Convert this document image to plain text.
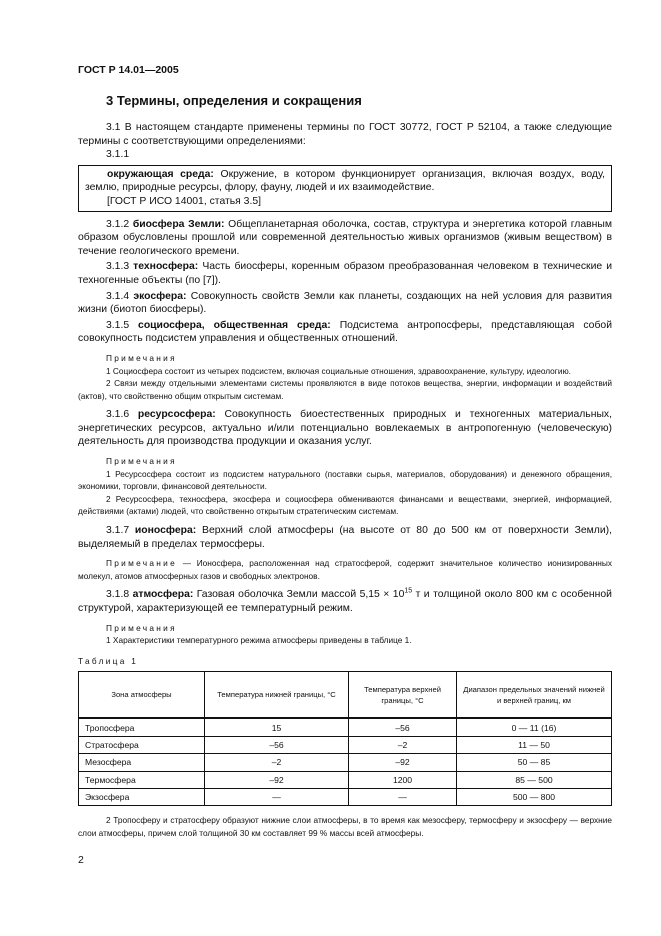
ГОСТ Р 14.01—2005
3 Термины, определения и сокращения

3.1 В настоящем стандарте применены термины по ГОСТ 30772, ГОСТ Р 52104, а также следующие термины с соответствующими определениями:

3.1.1

окружающая среда: Окружение, в котором функционирует организация, включая воздух, воду, землю, природные ресурсы, флору, фауну, людей и их взаимодействие.

[ГОСТ Р ИСО 14001, статья 3.5]

3.1.2 биосфера Земли: Общепланетарная оболочка, состав, структура и энергетика которой главным образом обусловлены прошлой или современной деятельностью живых организмов (живым веществом) в течение геологического времени.

3.1.3 техносфера: Часть биосферы, коренным образом преобразованная человеком в технические и техногенные объекты (по [7]).

3.1.4 экосфера: Совокупность свойств Земли как планеты, создающих на ней условия для развития жизни (биотоп биосферы).

3.1.5 социосфера, общественная среда: Подсистема антропосферы, представляющая собой совокупность подсистем управления и общественных отношений.

Примечания

1 Социосфера состоит из четырех подсистем, включая социальные отношения, здравоохранение, культуру, идеологию.

2 Связи между отдельными элементами системы проявляются в виде потоков вещества, энергии, информации и воздействий (актов), что свойственно общим открытым системам.

3.1.6 ресурсосфера: Совокупность биоестественных природных и техногенных материальных, энергетических ресурсов, актуально и/или потенциально вовлекаемых в антропогенную (человеческую) деятельность для производства продукции и оказания услуг.

Примечания

1 Ресурсосфера состоит из подсистем натурального (поставки сырья, материалов, оборудования) и денежного обращения, экономики, торговли, финансовой деятельности.

2 Ресурсосфера, техносфера, экосфера и социосфера обмениваются финансами и веществами, энергией, информацией, действиями (актами) людей, что свойственно открытым стратегическим системам.

3.1.7 ионосфера: Верхний слой атмосферы (на высоте от 80 до 500 км от поверхности Земли), выделяемый в пределах термосферы.

Примечание — Ионосфера, расположенная над стратосферой, содержит значительное количество ионизированных молекул, атомов атмосферных газов и свободных электронов.

3.1.8 атмосфера: Газовая оболочка Земли массой $5,15 \times 10^{15}$ т и толщиной около 800 км с особенной структурой, характеризующей ее температурный режим.

Примечания

1 Характеристики температурного режима атмосферы приведены в таблице 1.

Таблица 1
Зона атмосферы	Температура нижней границы, °С	Температура верхней границы, °С	Диапазон предельных значений нижней и верхней границ, км
Тропосфера	15	–56	0 — 11 (16)
Стратосфера	–56	–2	11 — 50
Мезосфера	–2	–92	50 — 85
Термосфера	–92	1200	85 — 500
Экзосфера	—	—	500 — 800

2 Тропосферу и стратосферу образуют нижние слои атмосферы, в то время как мезосферу, термосферу и экзосферу — верхние слои атмосферы, причем слой толщиной 30 км составляет 99 % массы всей атмосферы.

2
